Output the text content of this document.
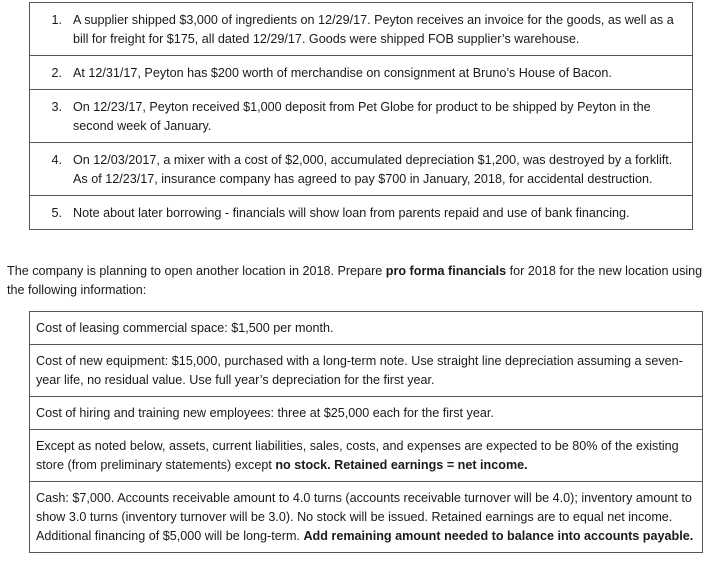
1. A supplier shipped $3,000 of ingredients on 12/29/17. Peyton receives an invoice for the goods, as well as a bill for freight for $175, all dated 12/29/17. Goods were shipped FOB supplier’s warehouse.
2. At 12/31/17, Peyton has $200 worth of merchandise on consignment at Bruno’s House of Bacon.
3. On 12/23/17, Peyton received $1,000 deposit from Pet Globe for product to be shipped by Peyton in the second week of January.
4. On 12/03/2017, a mixer with a cost of $2,000, accumulated depreciation $1,200, was destroyed by a forklift. As of 12/23/17, insurance company has agreed to pay $700 in January, 2018, for accidental destruction.
5. Note about later borrowing - financials will show loan from parents repaid and use of bank financing.
The company is planning to open another location in 2018. Prepare pro forma financials for 2018 for the new location using the following information:
Cost of leasing commercial space: $1,500 per month.
Cost of new equipment: $15,000, purchased with a long-term note. Use straight line depreciation assuming a seven-year life, no residual value. Use full year’s depreciation for the first year.
Cost of hiring and training new employees: three at $25,000 each for the first year.
Except as noted below, assets, current liabilities, sales, costs, and expenses are expected to be 80% of the existing store (from preliminary statements) except no stock. Retained earnings = net income.
Cash: $7,000. Accounts receivable amount to 4.0 turns (accounts receivable turnover will be 4.0); inventory amount to show 3.0 turns (inventory turnover will be 3.0). No stock will be issued. Retained earnings are to equal net income. Additional financing of $5,000 will be long-term. Add remaining amount needed to balance into accounts payable.
